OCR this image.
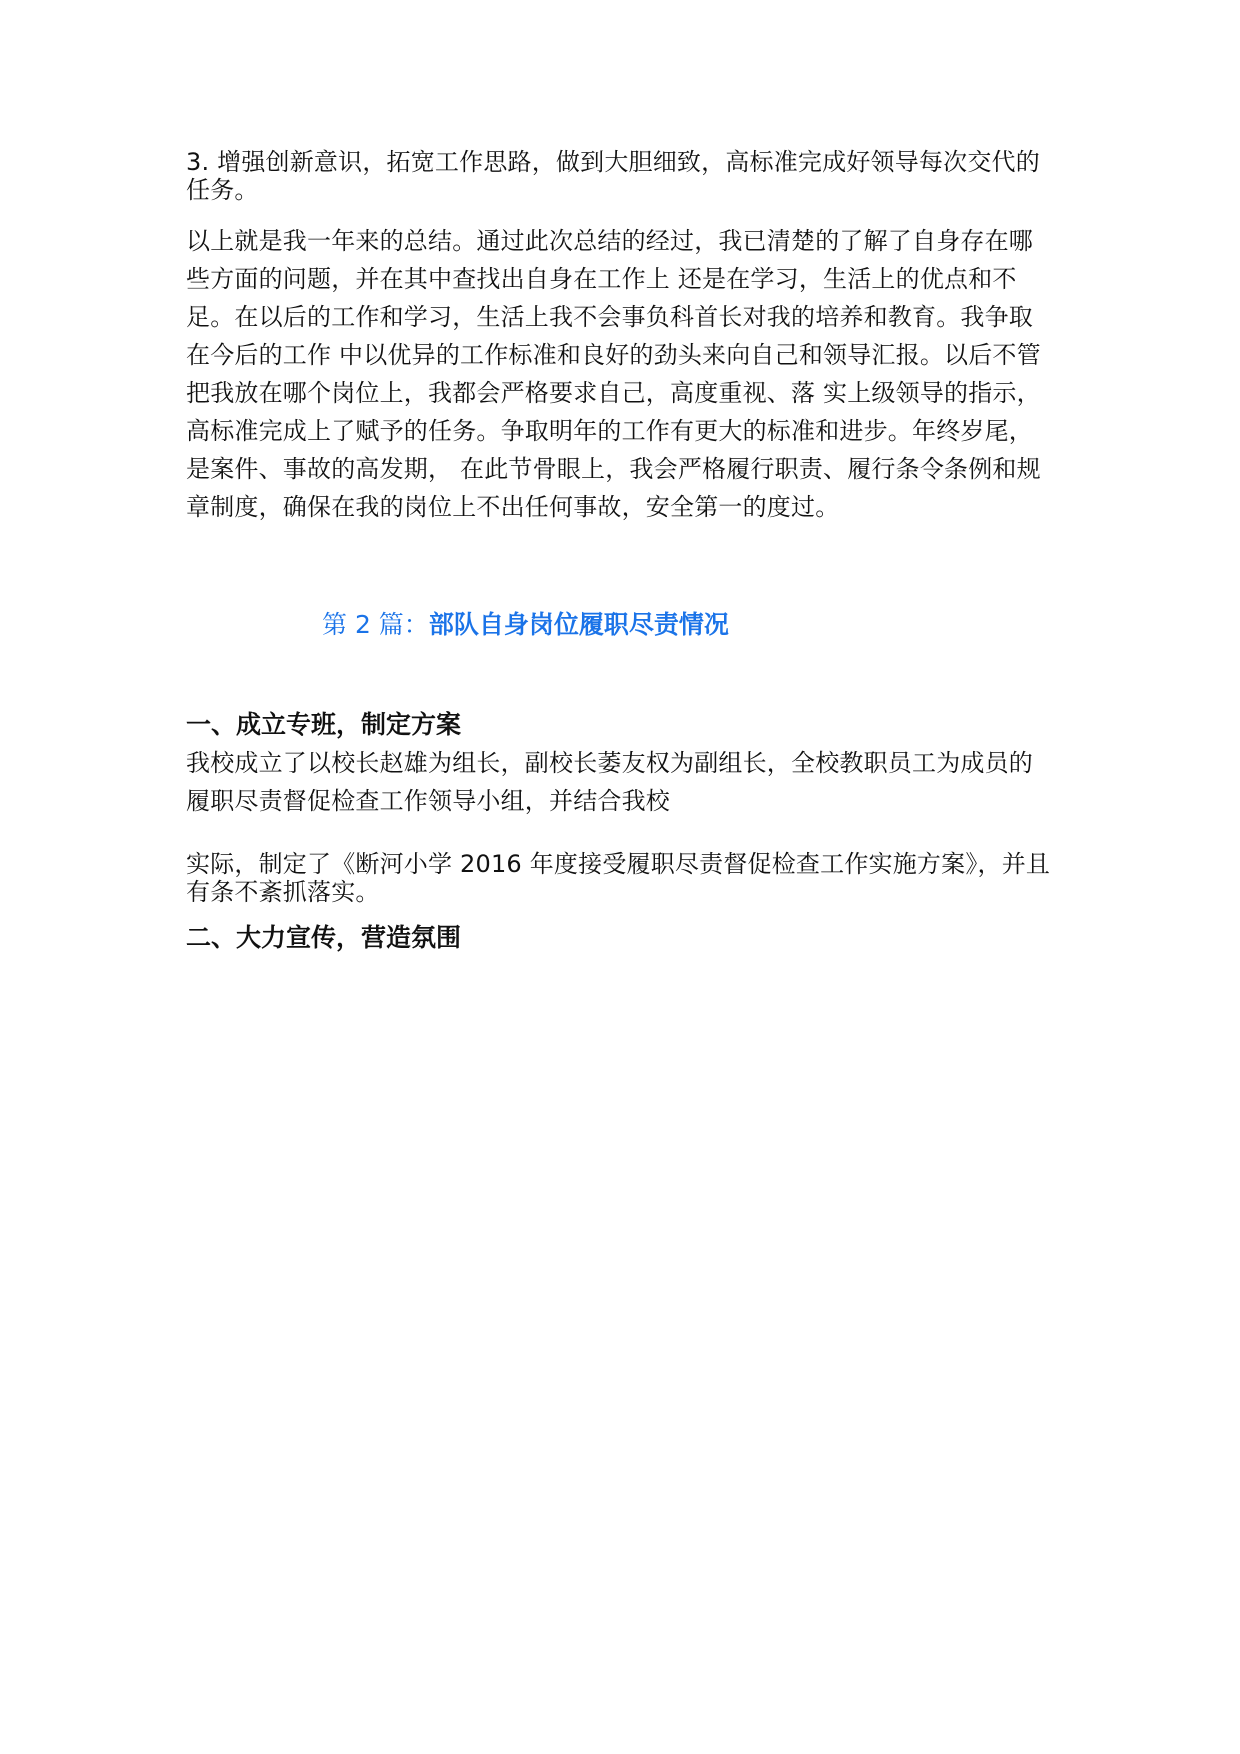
3. 增强创新意识，拓宽工作思路，做到大胆细致，高标准完成好领导每次交代的任务。
以上就是我一年来的总结。通过此次总结的经过，我已清楚的了解了自身存在哪些方面的问题，并在其中查找出自身在工作上 还是在学习，生活上的优点和不足。在以后的工作和学习，生活上我不会事负科首长对我的培养和教育。我争取在今后的工作 中以优异的工作标准和良好的劲头来向自己和领导汇报。以后不管把我放在哪个岗位上，我都会严格要求自己，高度重视、落 实上级领导的指示，高标准完成上了赋予的任务。争取明年的工作有更大的标准和进步。年终岁尾，是案件、事故的高发期， 在此节骨眼上，我会严格履行职责、履行条令条例和规章制度，确保在我的岗位上不出任何事故，安全第一的度过。
第 2 篇：部队自身岗位履职尽责情况
一、成立专班，制定方案
我校成立了以校长赵雄为组长，副校长萎友权为副组长，全校教职员工为成员的履职尽责督促检查工作领导小组，并结合我校
实际，制定了《断河小学 2016 年度接受履职尽责督促检查工作实施方案》，并且有条不紊抓落实。
二、大力宣传，营造氛围
